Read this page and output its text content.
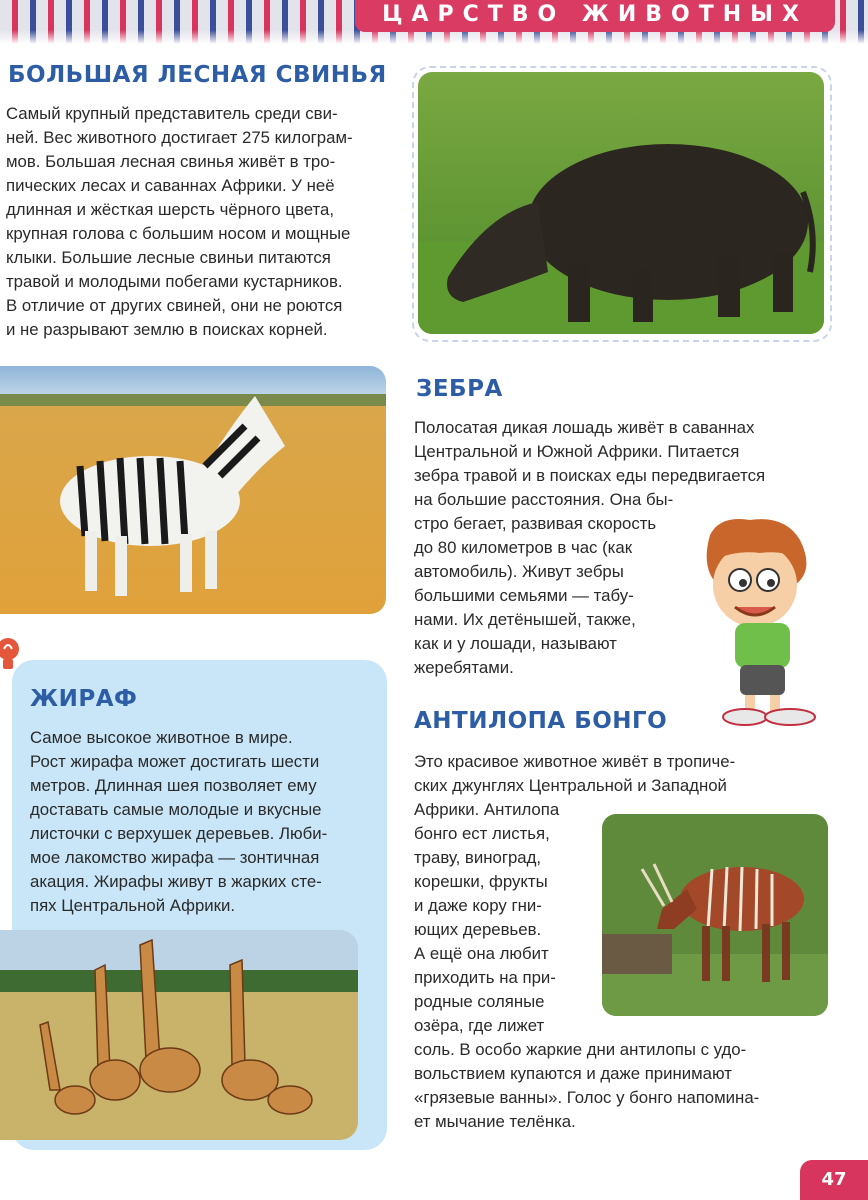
ЦАРСТВО ЖИВОТНЫХ
БОЛЬШАЯ ЛЕСНАЯ СВИНЬЯ
Самый крупный представитель среди сви-
ней. Вес животного достигает 275 килограм-
мов. Большая лесная свинья живёт в тро-
пических лесах и саваннах Африки. У неё
длинная и жёсткая шерсть чёрного цвета,
крупная голова с большим носом и мощные
клыки. Большие лесные свиньи питаются
травой и молодыми побегами кустарников.
В отличие от других свиней, они не роются
и не разрывают землю в поисках корней.
ЗЕБРА
Полосатая дикая лошадь живёт в саваннах
Центральной и Южной Африки. Питается
зебра травой и в поисках еды передвигается
на большие расстояния. Она бы-
стро бегает, развивая скорость
до 80 километров в час (как
автомобиль). Живут зебры
большими семьями — табу-
нами. Их детёнышей, также,
как и у лошади, называют
жеребятами.
ЖИРАФ
Самое высокое животное в мире.
Рост жирафа может достигать шести
метров. Длинная шея позволяет ему
доставать самые молодые и вкусные
листочки с верхушек деревьев. Люби-
мое лакомство жирафа — зонтичная
акация. Жирафы живут в жарких сте-
пях Центральной Африки.
АНТИЛОПА БОНГО
Это красивое животное живёт в тропиче-
ских джунглях Центральной и Западной
Африки. Антилопа
бонго ест листья,
траву, виноград,
корешки, фрукты
и даже кору гни-
ющих деревьев.
А ещё она любит
приходить на при-
родные соляные
озёра, где лижет
соль. В особо жаркие дни антилопы с удо-
вольствием купаются и даже принимают
«грязевые ванны». Голос у бонго напомина-
ет мычание телёнка.
47
